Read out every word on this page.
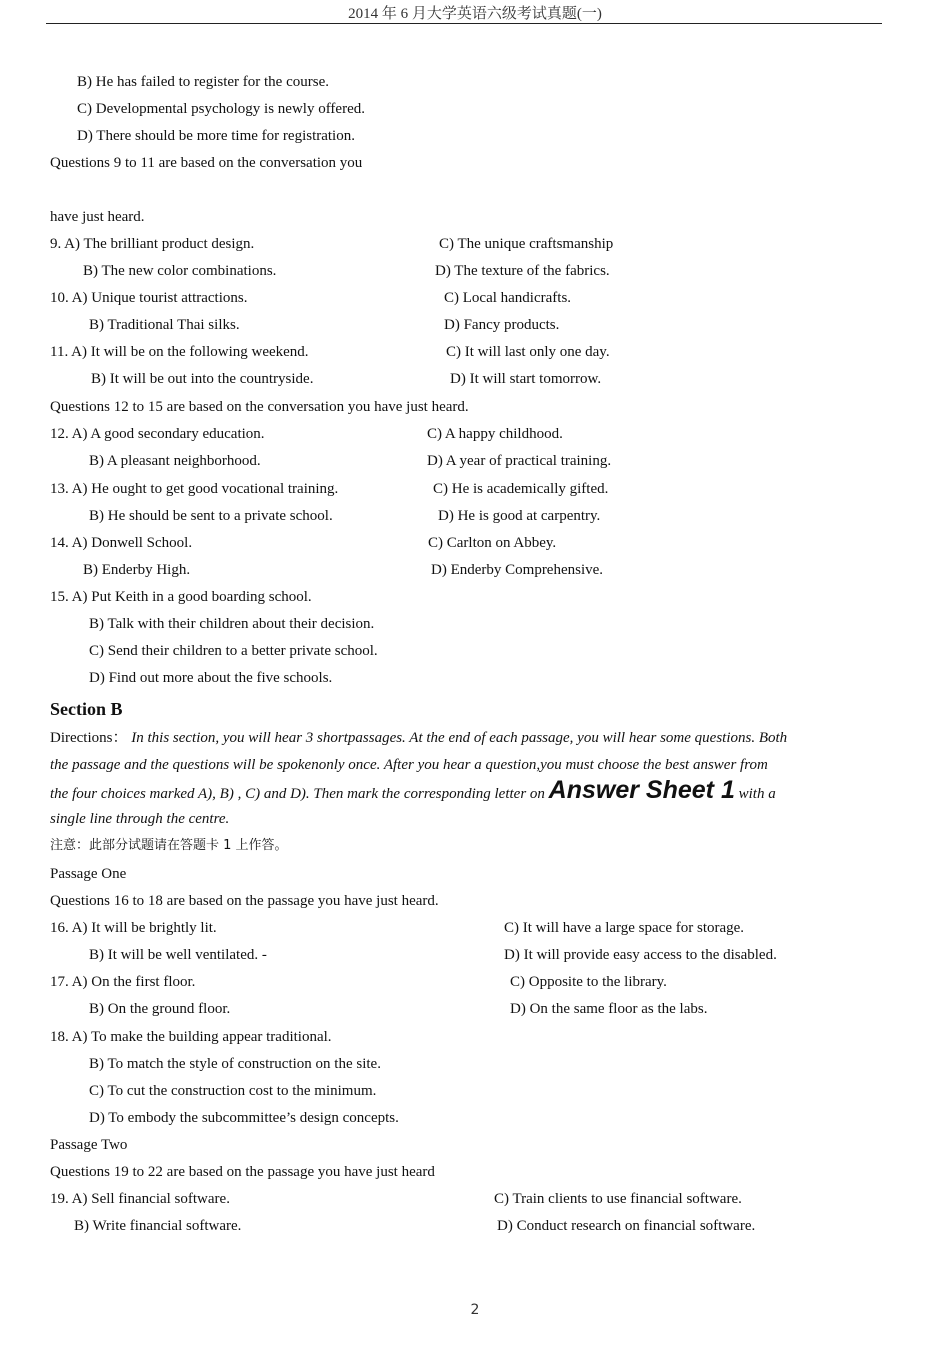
2014 年 6 月大学英语六级考试真题(一)
B) He has failed to register for the course.
C) Developmental psychology is newly offered.
D) There should be more time for registration.
Questions 9 to 11 are based on the conversation you
have just heard.
9. A) The brilliant product design.	C) The unique craftsmanship
B) The new color combinations.	D) The texture of the fabrics.
10. A) Unique tourist attractions.	C) Local handicrafts.
B) Traditional Thai silks.	D) Fancy products.
11. A) It will be on the following weekend.	C) It will last only one day.
B) It will be out into the countryside.	D) It will start tomorrow.
Questions 12 to 15 are based on the conversation you have just heard.
12. A) A good secondary education.	C) A happy childhood.
B) A pleasant neighborhood.	D) A year of practical training.
13. A) He ought to get good vocational training.	C) He is academically gifted.
B) He should be sent to a private school.	D) He is good at carpentry.
14. A) Donwell School.	C) Carlton on Abbey.
B) Enderby High.	D) Enderby Comprehensive.
15. A) Put Keith in a good boarding school.
B) Talk with their children about their decision.
C) Send their children to a better private school.
D) Find out more about the five schools.
Section B
Directions： In this section, you will hear 3 shortpassages. At the end of each passage, you will hear some questions. Both
the passage and the questions will be spokenonly once. After you hear a question,you must choose the best answer from
the four choices marked A), B) , C) and D). Then mark the corresponding letter on Answer Sheet 1 with a
single line through the centre.
注意：此部分试题请在答题卡 1 上作答。
Passage One
Questions 16 to 18 are based on the passage you have just heard.
16. A) It will be brightly lit.	C) It will have a large space for storage.
B) It will be well ventilated. -	D) It will provide easy access to the disabled.
17. A) On the first floor.	C) Opposite to the library.
B) On the ground floor.	D) On the same floor as the labs.
18. A) To make the building appear traditional.
B) To match the style of construction on the site.
C) To cut the construction cost to the minimum.
D) To embody the subcommittee’s design concepts.
Passage Two
Questions 19 to 22 are based on the passage you have just heard
19. A) Sell financial software.	C) Train clients to use financial software.
B) Write financial software.	D) Conduct research on financial software.
2
